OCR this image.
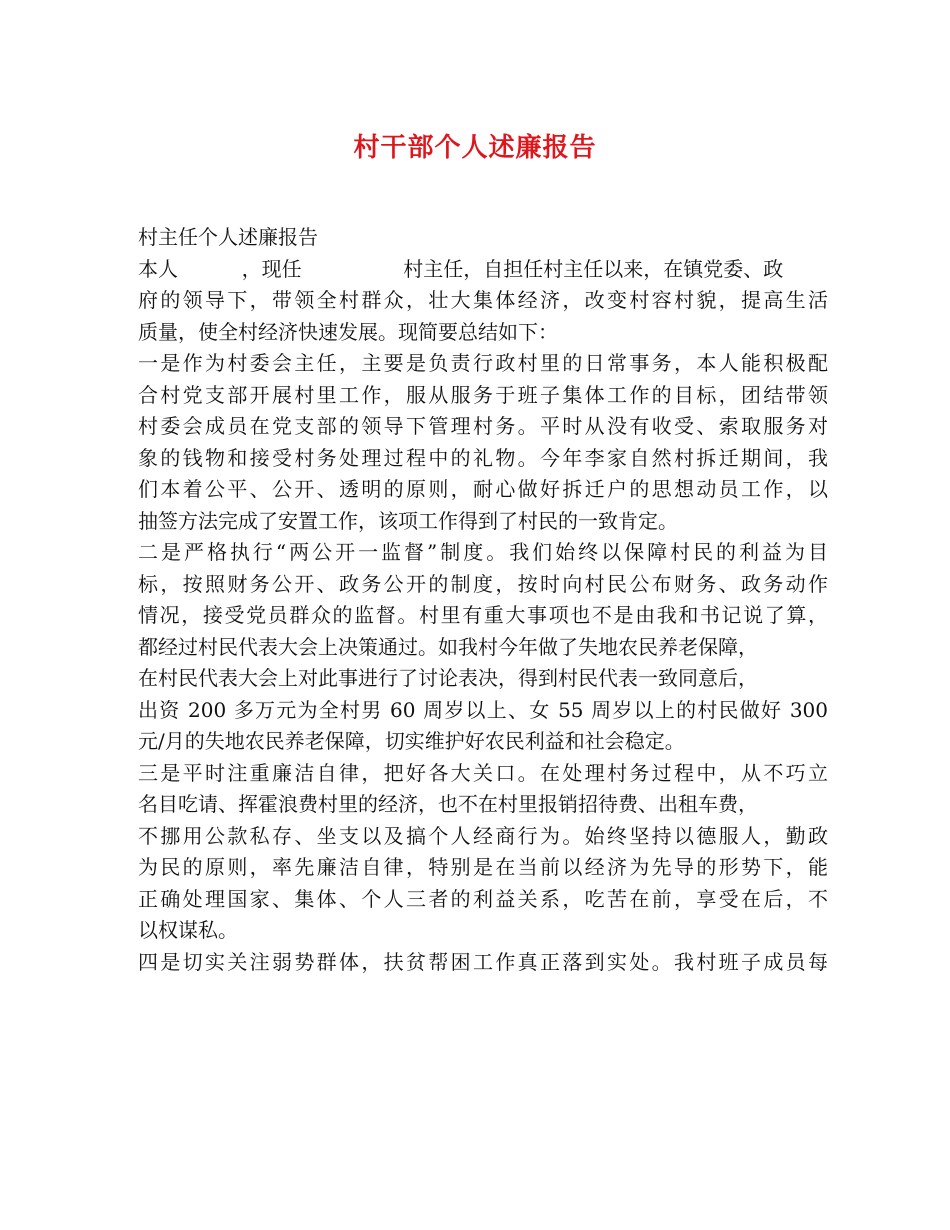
村干部个人述廉报告
村主任个人述廉报告
本人          ，现任                村主任，自担任村主任以来，在镇党委、政
府的领导下，带领全村群众，壮大集体经济，改变村容村貌，提高生活
质量，使全村经济快速发展。现简要总结如下：
一是作为村委会主任，主要是负责行政村里的日常事务，本人能积极配
合村党支部开展村里工作，服从服务于班子集体工作的目标，团结带领
村委会成员在党支部的领导下管理村务。平时从没有收受、索取服务对
象的钱物和接受村务处理过程中的礼物。今年李家自然村拆迁期间，我
们本着公平、公开、透明的原则，耐心做好拆迁户的思想动员工作，以
抽签方法完成了安置工作，该项工作得到了村民的一致肯定。
二是严格执行“两公开一监督”制度。我们始终以保障村民的利益为目
标，按照财务公开、政务公开的制度，按时向村民公布财务、政务动作
情况，接受党员群众的监督。村里有重大事项也不是由我和书记说了算，
都经过村民代表大会上决策通过。如我村今年做了失地农民养老保障，
在村民代表大会上对此事进行了讨论表决，得到村民代表一致同意后，
出资 200 多万元为全村男 60 周岁以上、女 55 周岁以上的村民做好 300
元/月的失地农民养老保障，切实维护好农民利益和社会稳定。
三是平时注重廉洁自律，把好各大关口。在处理村务过程中，从不巧立
名目吃请、挥霍浪费村里的经济，也不在村里报销招待费、出租车费，
不挪用公款私存、坐支以及搞个人经商行为。始终坚持以德服人，勤政
为民的原则，率先廉洁自律，特别是在当前以经济为先导的形势下，能
正确处理国家、集体、个人三者的利益关系，吃苦在前，享受在后，不
以权谋私。
四是切实关注弱势群体，扶贫帮困工作真正落到实处。我村班子成员每
